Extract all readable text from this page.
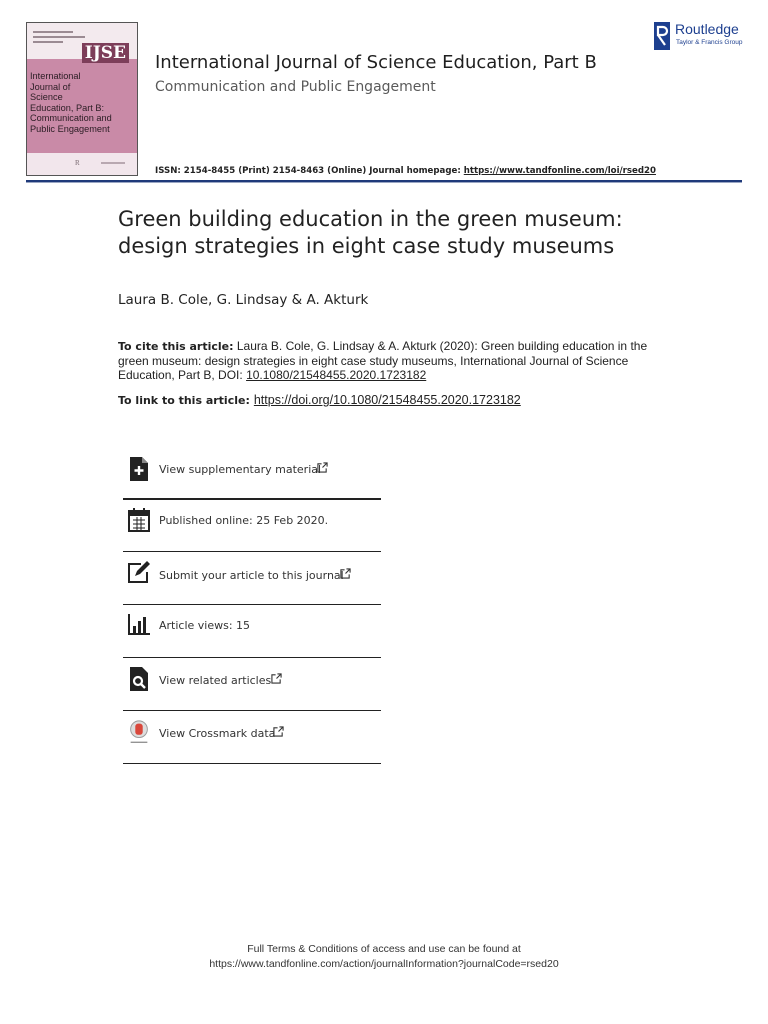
IJSE
International
Journal of
Science
Education, Part B:
Communication and
Public Engagement
R
International Journal of Science Education, Part B
Communication and Public Engagement
Routledge
Taylor & Francis Group
ISSN: 2154-8455 (Print) 2154-8463 (Online) Journal homepage: https://www.tandfonline.com/loi/rsed20
Green building education in the green museum: design strategies in eight case study museums
Laura B. Cole, G. Lindsay & A. Akturk
To cite this article: Laura B. Cole, G. Lindsay & A. Akturk (2020): Green building education in the green museum: design strategies in eight case study museums, International Journal of Science Education, Part B, DOI: 10.1080/21548455.2020.1723182
To link to this article: https://doi.org/10.1080/21548455.2020.1723182
View supplementary material
Published online: 25 Feb 2020.
Submit your article to this journal
Article views: 15
View related articles
View Crossmark data
Full Terms & Conditions of access and use can be found at
https://www.tandfonline.com/action/journalInformation?journalCode=rsed20
